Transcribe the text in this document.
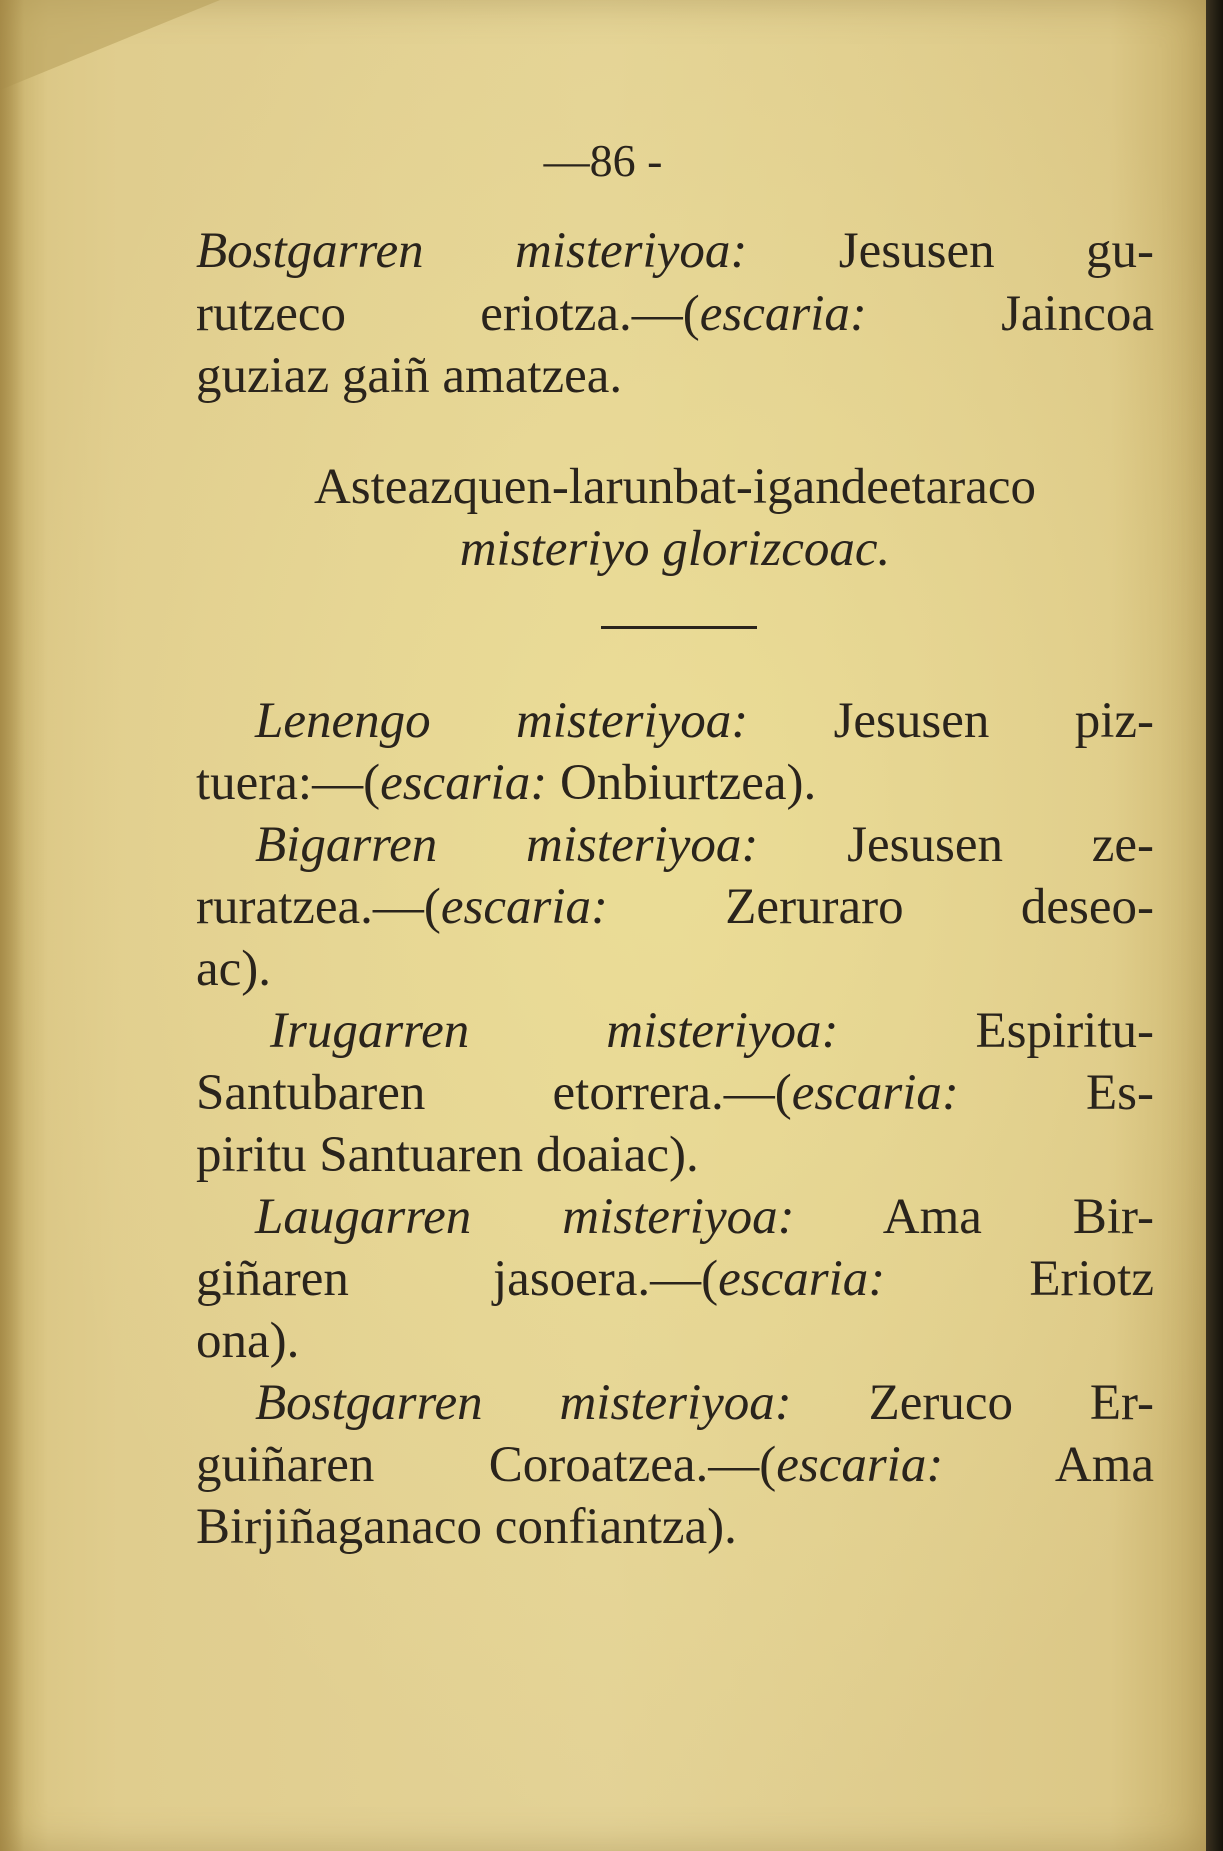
—86 -
Bostgarren misteriyoa: Jesusen gu-
rutzeco eriotza.—(escaria:	Jaincoa
guziaz gaiñ amatzea.
Asteazquen-larunbat-igandeetaraco
misteriyo glorizcoac.
Lenengo misteriyoa: Jesusen piz-
tuera:—(escaria: Onbiurtzea).
Bigarren misteriyoa: Jesusen ze-
ruratzea.—(escaria: Zeruraro deseo-
ac).
Irugarren misteriyoa:	Espiritu-
Santubaren etorrera.—(escaria: Es-
piritu Santuaren doaiac).
Laugarren misteriyoa: Ama Bir-
giñaren jasoera.—(escaria:	Eriotz
ona).
Bostgarren misteriyoa: Zeruco Er-
guiñaren Coroatzea.—(escaria: Ama
Birjiñaganaco confiantza).
